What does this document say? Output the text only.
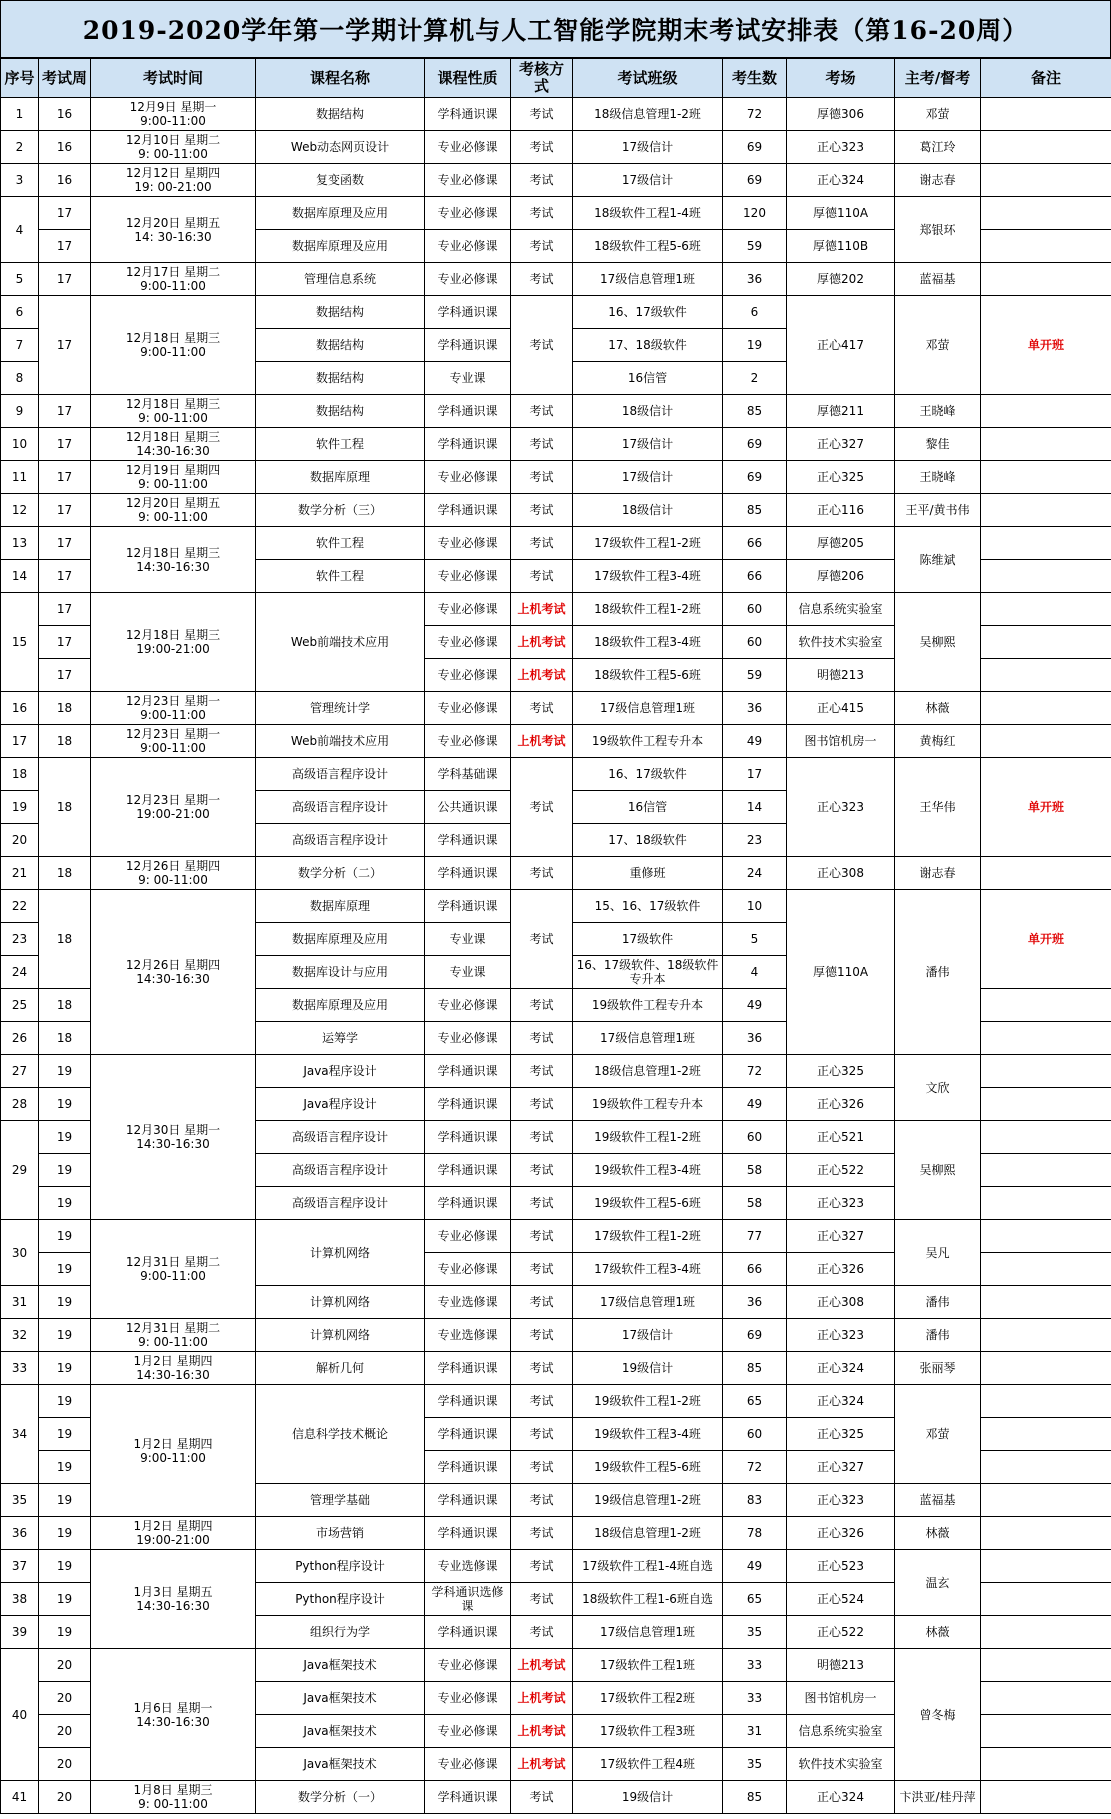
2019-2020学年第一学期计算机与人工智能学院期末考试安排表（第16-20周）
序号	考试周	考试时间	课程名称	课程性质	考核方式	考试班级	考生数	考场	主考/督考	备注
1	16	12月9日 星期一
9:00-11:00	数据结构	学科通识课	考试	18级信息管理1-2班	72	厚德306	邓萤	
2	16	12月10日 星期二
9: 00-11:00	Web动态网页设计	专业必修课	考试	17级信计	69	正心323	葛江玲	
3	16	12月12日 星期四
19: 00-21:00	复变函数	专业必修课	考试	17级信计	69	正心324	谢志春	
4	17	12月20日 星期五
14: 30-16:30	数据库原理及应用	专业必修课	考试	18级软件工程1-4班	120	厚德110A	郑银环	
	17		数据库原理及应用	专业必修课	考试	18级软件工程5-6班	59	厚德110B		
5	17	12月17日 星期二
9:00-11:00	管理信息系统	专业必修课	考试	17级信息管理1班	36	厚德202	蓝福基	
6	17	12月18日 星期三
9:00-11:00	数据结构	学科通识课	考试	16、17级软件	6	正心417	邓萤	单开班
7			数据结构	学科通识课		17、18级软件	19			
8			数据结构	专业课		16信管	2			
9	17	12月18日 星期三
9: 00-11:00	数据结构	学科通识课	考试	18级信计	85	厚德211	王晓峰	
10	17	12月18日 星期三
14:30-16:30	软件工程	学科通识课	考试	17级信计	69	正心327	黎佳	
11	17	12月19日 星期四
9: 00-11:00	数据库原理	专业必修课	考试	17级信计	69	正心325	王晓峰	
12	17	12月20日 星期五
9: 00-11:00	数学分析（三）	学科通识课	考试	18级信计	85	正心116	王平/黄书伟	
13	17	12月18日 星期三
14:30-16:30	软件工程	专业必修课	考试	17级软件工程1-2班	66	厚德205	陈维斌	
14	17		软件工程	专业必修课	考试	17级软件工程3-4班	66	厚德206		
15	17	12月18日 星期三
19:00-21:00	Web前端技术应用	专业必修课	上机考试	18级软件工程1-2班	60	信息系统实验室	吴柳熙	
	17			专业必修课	上机考试	18级软件工程3-4班	60	软件技术实验室		
	17			专业必修课	上机考试	18级软件工程5-6班	59	明德213		
16	18	12月23日 星期一
9:00-11:00	管理统计学	专业必修课	考试	17级信息管理1班	36	正心415	林薇	
17	18	12月23日 星期一
9:00-11:00	Web前端技术应用	专业必修课	上机考试	19级软件工程专升本	49	图书馆机房一	黄梅红	
18	18	12月23日 星期一
19:00-21:00	高级语言程序设计	学科基础课	考试	16、17级软件	17	正心323	王华伟	单开班
19			高级语言程序设计	公共通识课		16信管	14			
20			高级语言程序设计	学科通识课		17、18级软件	23			
21	18	12月26日 星期四
9: 00-11:00	数学分析（二）	学科通识课	考试	重修班	24	正心308	谢志春	
22	18	12月26日 星期四
14:30-16:30	数据库原理	学科通识课	考试	15、16、17级软件	10	厚德110A	潘伟	单开班
23			数据库原理及应用	专业课		17级软件	5			
24			数据库设计与应用	专业课		16、17级软件、18级软件专升本	4			
25	18		数据库原理及应用	专业必修课	考试	19级软件工程专升本	49			
26	18		运筹学	专业必修课	考试	17级信息管理1班	36			
27	19	12月30日 星期一
14:30-16:30	Java程序设计	学科通识课	考试	18级信息管理1-2班	72	正心325	文欣	
28	19		Java程序设计	学科通识课	考试	19级软件工程专升本	49	正心326		
29	19		高级语言程序设计	学科通识课	考试	19级软件工程1-2班	60	正心521	吴柳熙	
	19		高级语言程序设计	学科通识课	考试	19级软件工程3-4班	58	正心522		
	19		高级语言程序设计	学科通识课	考试	19级软件工程5-6班	58	正心323		
30	19	12月31日 星期二
9:00-11:00	计算机网络	专业必修课	考试	17级软件工程1-2班	77	正心327	吴凡	
	19			专业必修课	考试	17级软件工程3-4班	66	正心326		
31	19		计算机网络	专业选修课	考试	17级信息管理1班	36	正心308	潘伟	
32	19	12月31日 星期二
9: 00-11:00	计算机网络	专业选修课	考试	17级信计	69	正心323	潘伟	
33	19	1月2日 星期四
14:30-16:30	解析几何	学科通识课	考试	19级信计	85	正心324	张丽琴	
34	19	1月2日 星期四
9:00-11:00	信息科学技术概论	学科通识课	考试	19级软件工程1-2班	65	正心324	邓萤	
	19			学科通识课	考试	19级软件工程3-4班	60	正心325		
	19			学科通识课	考试	19级软件工程5-6班	72	正心327		
35	19		管理学基础	学科通识课	考试	19级信息管理1-2班	83	正心323	蓝福基	
36	19	1月2日 星期四
19:00-21:00	市场营销	学科通识课	考试	18级信息管理1-2班	78	正心326	林薇	
37	19	1月3日 星期五
14:30-16:30	Python程序设计	专业选修课	考试	17级软件工程1-4班自选	49	正心523	温玄	
38	19		Python程序设计	学科通识选修课	考试	18级软件工程1-6班自选	65	正心524		
39	19		组织行为学	学科通识课	考试	17级信息管理1班	35	正心522	林薇	
40	20	1月6日 星期一
14:30-16:30	Java框架技术	专业必修课	上机考试	17级软件工程1班	33	明德213	曾冬梅	
	20		Java框架技术	专业必修课	上机考试	17级软件工程2班	33	图书馆机房一		
	20		Java框架技术	专业必修课	上机考试	17级软件工程3班	31	信息系统实验室		
	20		Java框架技术	专业必修课	上机考试	17级软件工程4班	35	软件技术实验室		
41	20	1月8日 星期三
9: 00-11:00	数学分析（一）	学科通识课	考试	19级信计	85	正心324	卞洪亚/桂丹萍	
